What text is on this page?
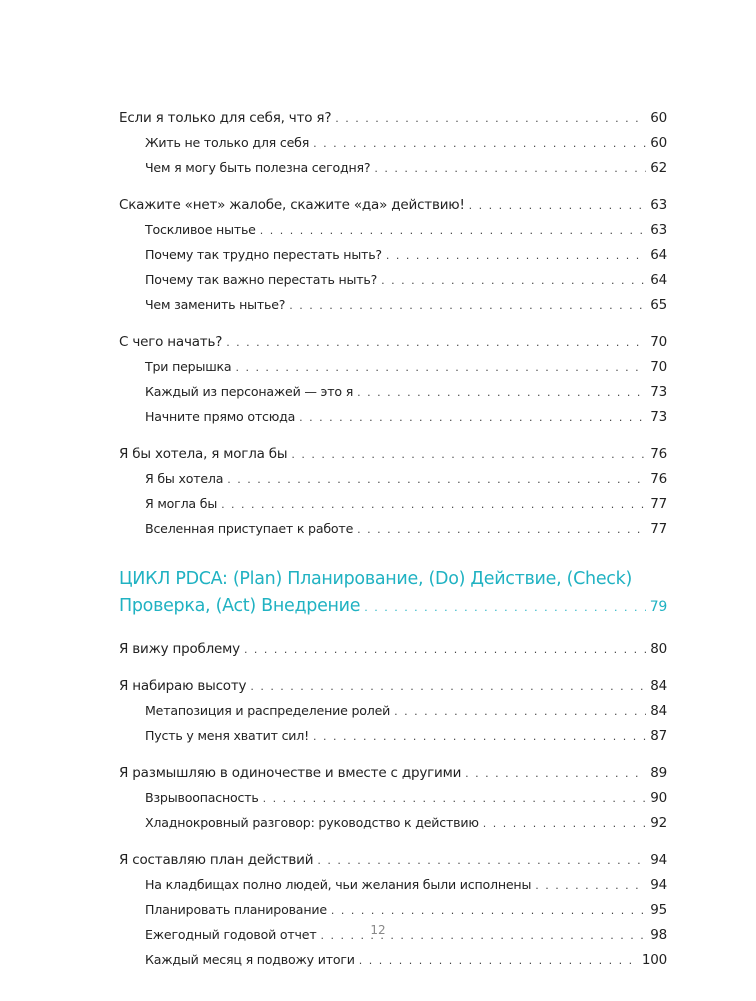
Если я только для себя, что я? . . .	60
Жить не только для себя . . .	60
Чем я могу быть полезна сегодня? . . .	62
Скажите «нет» жалобе, скажите «да» действию! . . .	63
Тоскливое нытье . . .	63
Почему так трудно перестать ныть? . . .	64
Почему так важно перестать ныть? . . .	64
Чем заменить нытье? . . .	65
С чего начать? . . .	70
Три перышка . . .	70
Каждый из персонажей — это я . . .	73
Начните прямо отсюда . . .	73
Я бы хотела, я могла бы . . .	76
Я бы хотела . . .	76
Я могла бы . . .	77
Вселенная приступает к работе . . .	77
ЦИКЛ PDCA: (Plan) Планирование, (Do) Действие, (Check)
Проверка, (Act) Внедрение . . .	79
Я вижу проблему . . .	80
Я набираю высоту . . .	84
Метапозиция и распределение ролей . . .	84
Пусть у меня хватит сил! . . .	87
Я размышляю в одиночестве и вместе с другими . . .	89
Взрывоопасность . . .	90
Хладнокровный разговор: руководство к действию . . .	92
Я составляю план действий . . .	94
На кладбищах полно людей, чьи желания были исполнены . . .	94
Планировать планирование . . .	95
Ежегодный годовой отчет . . .	98
Каждый месяц я подвожу итоги . . .	100
12
